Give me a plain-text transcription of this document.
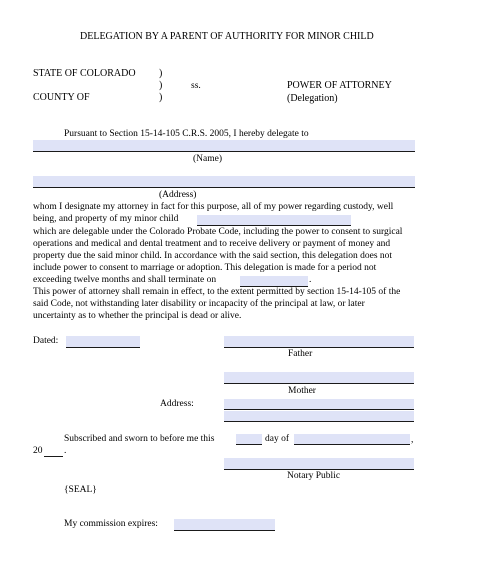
DELEGATION BY A PARENT OF AUTHORITY FOR MINOR CHILD
STATE OF COLORADO
COUNTY OF
)
)
)
ss.	POWER OF ATTORNEY
(Delegation)
Pursuant to Section 15-14-105 C.R.S. 2005, I hereby delegate to
(Name)
(Address)
whom I designate my attorney in fact for this purpose, all of my power regarding custody, well
being, and property of my minor child
which are delegable under the Colorado Probate Code, including the power to consent to surgical
operations and medical and dental treatment and to receive delivery or payment of money and
property due the said minor child. In accordance with the said section, this delegation does not
include power to consent to marriage or adoption. This delegation is made for a period not
exceeding twelve months and shall terminate on	.
This power of attorney shall remain in effect, to the extent permitted by section 15-14-105 of the
said Code, not withstanding later disability or incapacity of the principal at law, or later
uncertainty as to whether the principal is dead or alive.
Dated:
Father
Mother
Address:
Subscribed and sworn to before me this	day of	,
20 .
Notary Public
{SEAL}
My commission expires:
